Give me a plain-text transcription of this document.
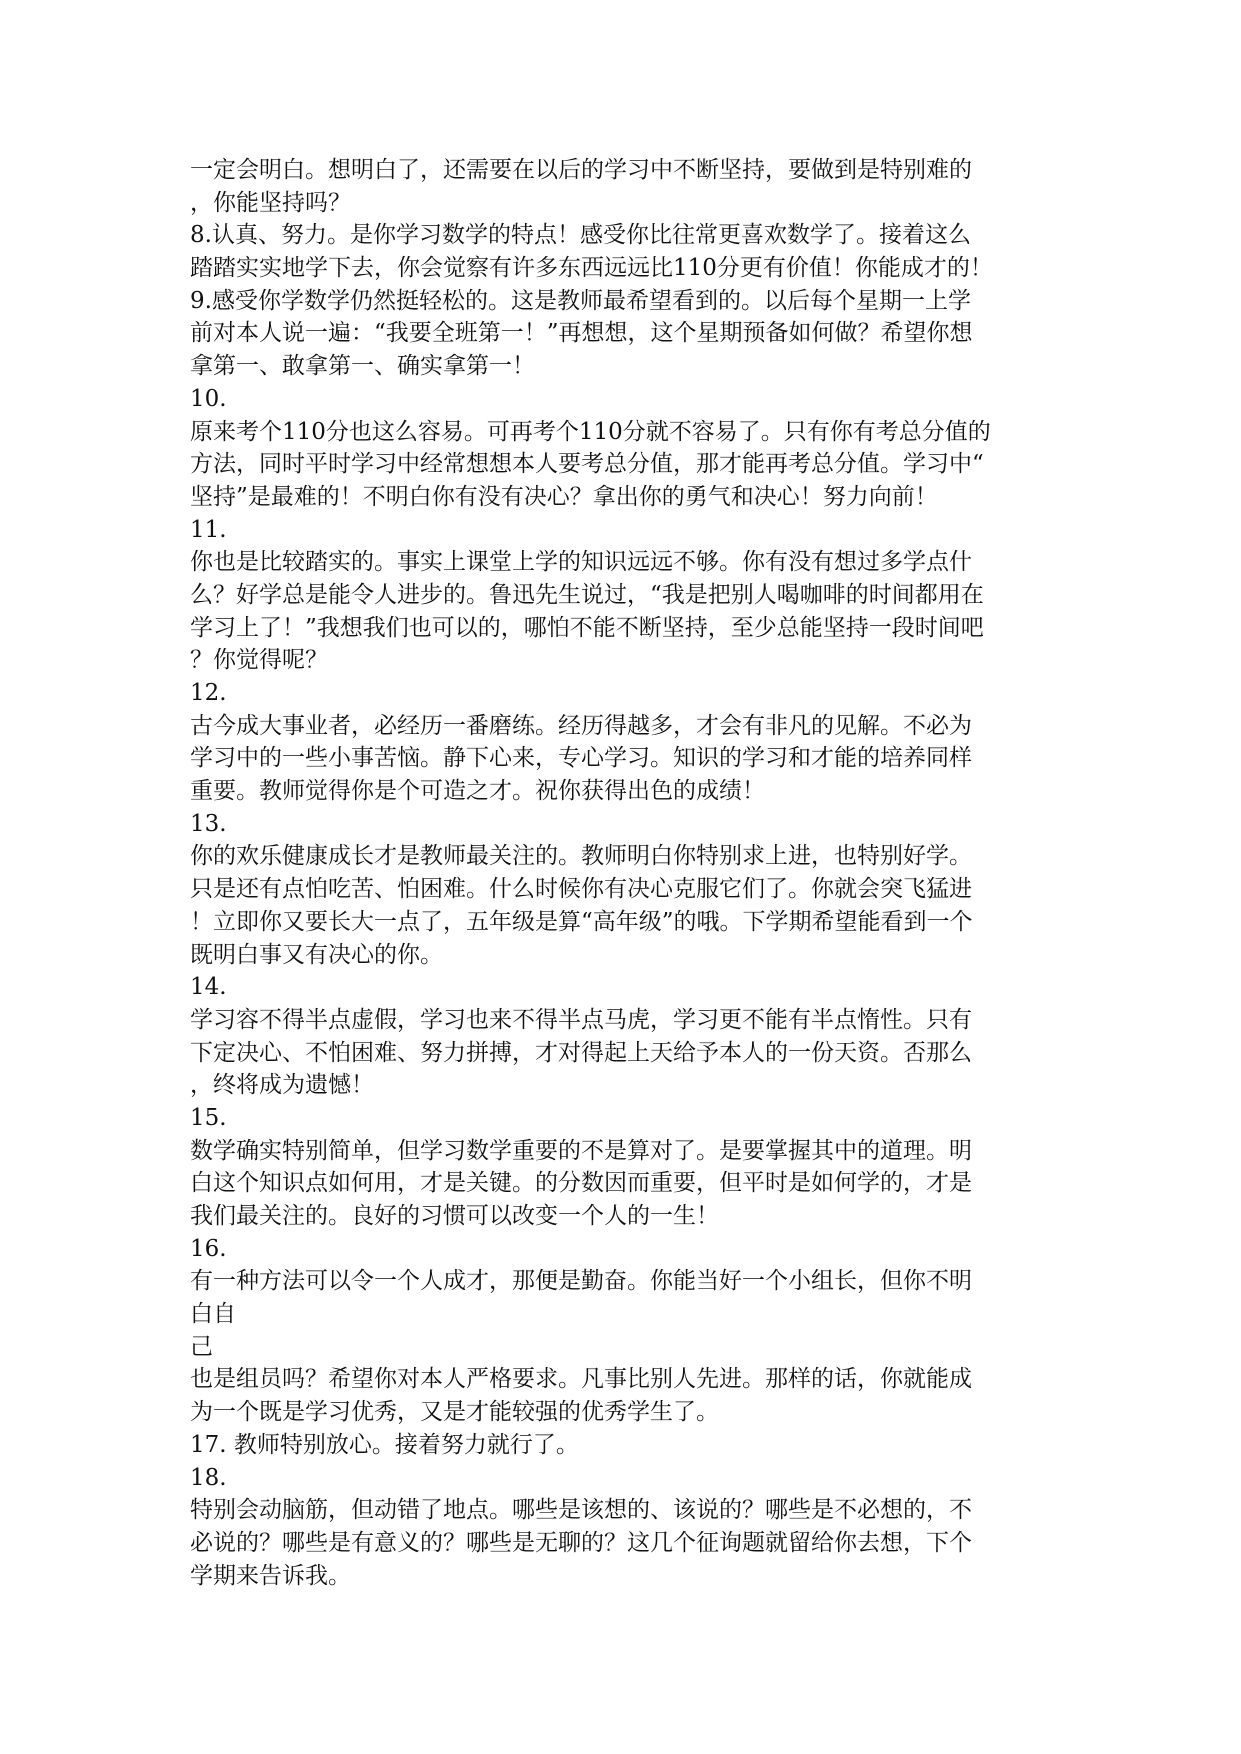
一定会明白。想明白了，还需要在以后的学习中不断坚持，要做到是特别难的
，你能坚持吗？
8.认真、努力。是你学习数学的特点！感受你比往常更喜欢数学了。接着这么
踏踏实实地学下去，你会觉察有许多东西远远比110分更有价值！你能成才的！
9.感受你学数学仍然挺轻松的。这是教师最希望看到的。以后每个星期一上学
前对本人说一遍：“我要全班第一！”再想想，这个星期预备如何做？希望你想
拿第一、敢拿第一、确实拿第一！
10.
原来考个110分也这么容易。可再考个110分就不容易了。只有你有考总分值的
方法，同时平时学习中经常想想本人要考总分值，那才能再考总分值。学习中“
坚持”是最难的！不明白你有没有决心？拿出你的勇气和决心！努力向前！
11.
你也是比较踏实的。事实上课堂上学的知识远远不够。你有没有想过多学点什
么？好学总是能令人进步的。鲁迅先生说过，“我是把别人喝咖啡的时间都用在
学习上了！”我想我们也可以的，哪怕不能不断坚持，至少总能坚持一段时间吧
？你觉得呢？
12.
古今成大事业者，必经历一番磨练。经历得越多，才会有非凡的见解。不必为
学习中的一些小事苦恼。静下心来，专心学习。知识的学习和才能的培养同样
重要。教师觉得你是个可造之才。祝你获得出色的成绩！
13.
你的欢乐健康成长才是教师最关注的。教师明白你特别求上进，也特别好学。
只是还有点怕吃苦、怕困难。什么时候你有决心克服它们了。你就会突飞猛进
！立即你又要长大一点了，五年级是算“高年级”的哦。下学期希望能看到一个
既明白事又有决心的你。
14.
学习容不得半点虚假，学习也来不得半点马虎，学习更不能有半点惰性。只有
下定决心、不怕困难、努力拼搏，才对得起上天给予本人的一份天资。否那么
，终将成为遗憾！
15.
数学确实特别简单，但学习数学重要的不是算对了。是要掌握其中的道理。明
白这个知识点如何用，才是关键。的分数因而重要，但平时是如何学的，才是
我们最关注的。良好的习惯可以改变一个人的一生！
16.
有一种方法可以令一个人成才，那便是勤奋。你能当好一个小组长，但你不明
白自
己
也是组员吗？希望你对本人严格要求。凡事比别人先进。那样的话，你就能成
为一个既是学习优秀，又是才能较强的优秀学生了。
17. 教师特别放心。接着努力就行了。
18.
特别会动脑筋，但动错了地点。哪些是该想的、该说的？哪些是不必想的，不
必说的？哪些是有意义的？哪些是无聊的？这几个征询题就留给你去想，下个
学期来告诉我。
